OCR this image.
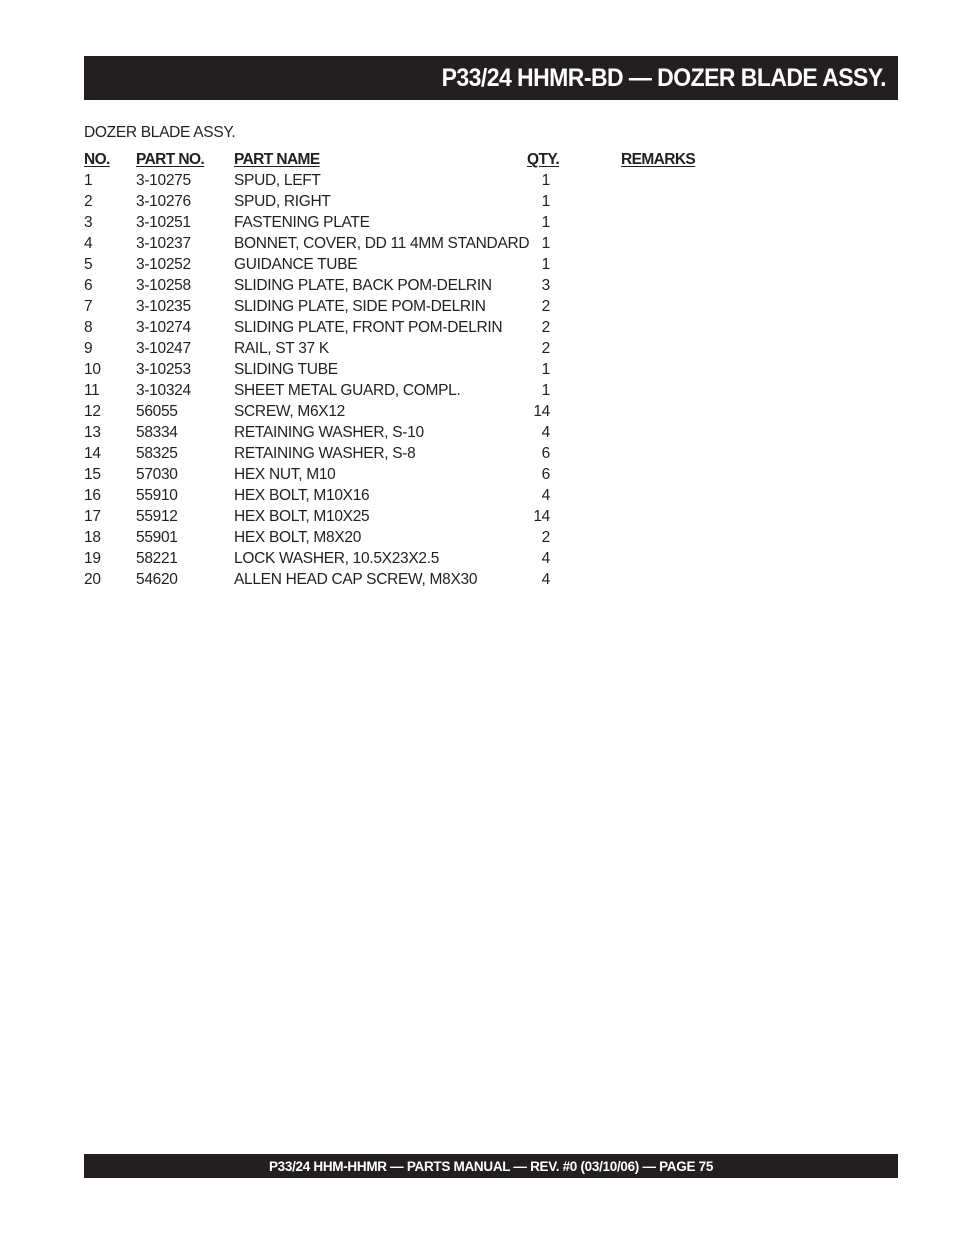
P33/24 HHMR-BD — DOZER BLADE ASSY.
DOZER BLADE ASSY.
NO. PART NO. PART NAME	QTY.	REMARKS
1	3-10275	SPUD, LEFT	1
2	3-10276	SPUD, RIGHT	1
3	3-10251	FASTENING PLATE	1
4	3-10237	BONNET, COVER, DD 11 4MM STANDARD 1
5	3-10252	GUIDANCE TUBE	1
6	3-10258	SLIDING PLATE, BACK POM-DELRIN	3
7	3-10235	SLIDING PLATE, SIDE POM-DELRIN	2
8	3-10274	SLIDING PLATE, FRONT POM-DELRIN	2
9	3-10247	RAIL, ST 37 K	2
10 3-10253	SLIDING TUBE	1
11 3-10324	SHEET METAL GUARD, COMPL.	1
12 56055	SCREW, M6X12	14
13 58334	RETAINING WASHER, S-10	4
14 58325	RETAINING WASHER, S-8	6
15 57030	HEX NUT, M10	6
16 55910	HEX BOLT, M10X16	4
17 55912	HEX BOLT, M10X25	14
18 55901	HEX BOLT, M8X20	2
19 58221	LOCK WASHER, 10.5X23X2.5	4
20 54620	ALLEN HEAD CAP SCREW, M8X30	4
P33/24 HHM-HHMR — PARTS MANUAL — REV. #0 (03/10/06) — PAGE 75
